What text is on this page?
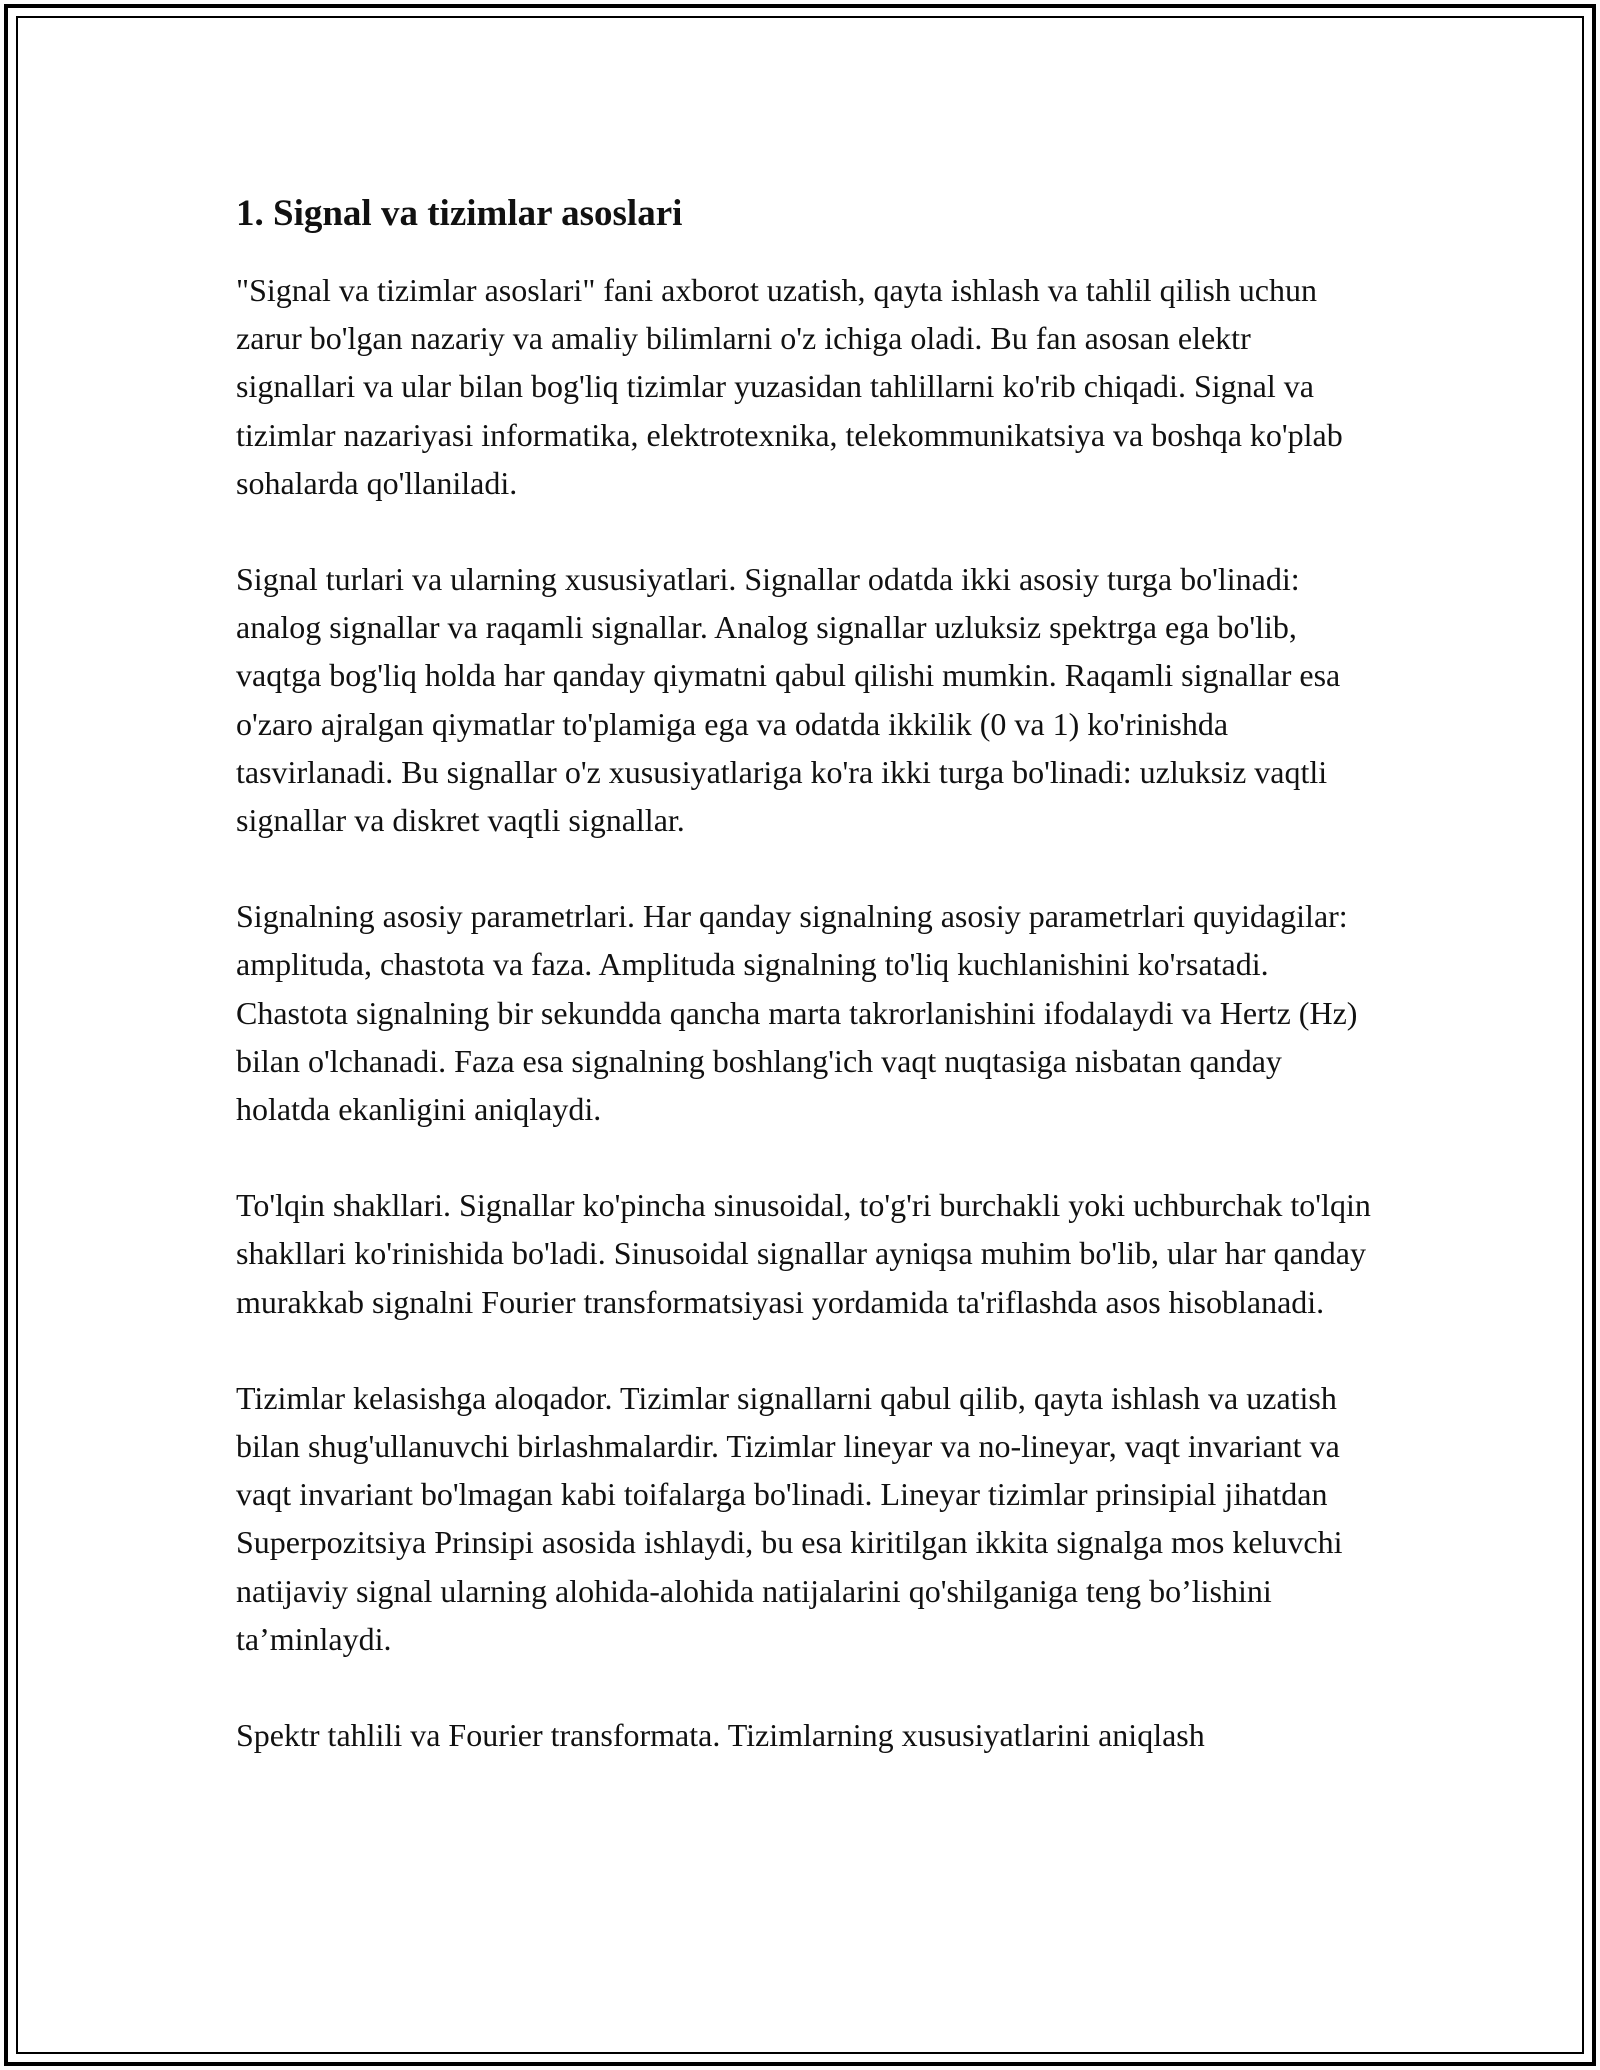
1. Signal va tizimlar asoslari

"Signal va tizimlar asoslari" fani axborot uzatish, qayta ishlash va tahlil qilish uchun zarur bo'lgan nazariy va amaliy bilimlarni o'z ichiga oladi. Bu fan asosan elektr signallari va ular bilan bog'liq tizimlar yuzasidan tahlillarni ko'rib chiqadi. Signal va tizimlar nazariyasi informatika, elektrotexnika, telekommunikatsiya va boshqa ko'plab sohalarda qo'llaniladi.

Signal turlari va ularning xususiyatlari. Signallar odatda ikki asosiy turga bo'linadi: analog signallar va raqamli signallar. Analog signallar uzluksiz spektrga ega bo'lib, vaqtga bog'liq holda har qanday qiymatni qabul qilishi mumkin. Raqamli signallar esa o'zaro ajralgan qiymatlar to'plamiga ega va odatda ikkilik (0 va 1) ko'rinishda tasvirlanadi. Bu signallar o'z xususiyatlariga ko'ra ikki turga bo'linadi: uzluksiz vaqtli signallar va diskret vaqtli signallar.

Signalning asosiy parametrlari. Har qanday signalning asosiy parametrlari quyidagilar: amplituda, chastota va faza. Amplituda signalning to'liq kuchlanishini ko'rsatadi. Chastota signalning bir sekundda qancha marta takrorlanishini ifodalaydi va Hertz (Hz) bilan o'lchanadi. Faza esa signalning boshlang'ich vaqt nuqtasiga nisbatan qanday holatda ekanligini aniqlaydi.

To'lqin shakllari. Signallar ko'pincha sinusoidal, to'g'ri burchakli yoki uchburchak to'lqin shakllari ko'rinishida bo'ladi. Sinusoidal signallar ayniqsa muhim bo'lib, ular har qanday murakkab signalni Fourier transformatsiyasi yordamida ta'riflashda asos hisoblanadi.

Tizimlar kelasishga aloqador. Tizimlar signallarni qabul qilib, qayta ishlash va uzatish bilan shug'ullanuvchi birlashmalardir. Tizimlar lineyar va no-lineyar, vaqt invariant va vaqt invariant bo'lmagan kabi toifalarga bo'linadi. Lineyar tizimlar prinsipial jihatdan Superpozitsiya Prinsipi asosida ishlaydi, bu esa kiritilgan ikkita signalga mos keluvchi natijaviy signal ularning alohida-alohida natijalarini qo'shilganiga teng bo’lishini ta’minlaydi.

Spektr tahlili va Fourier transformata. Tizimlarning xususiyatlarini aniqlash
